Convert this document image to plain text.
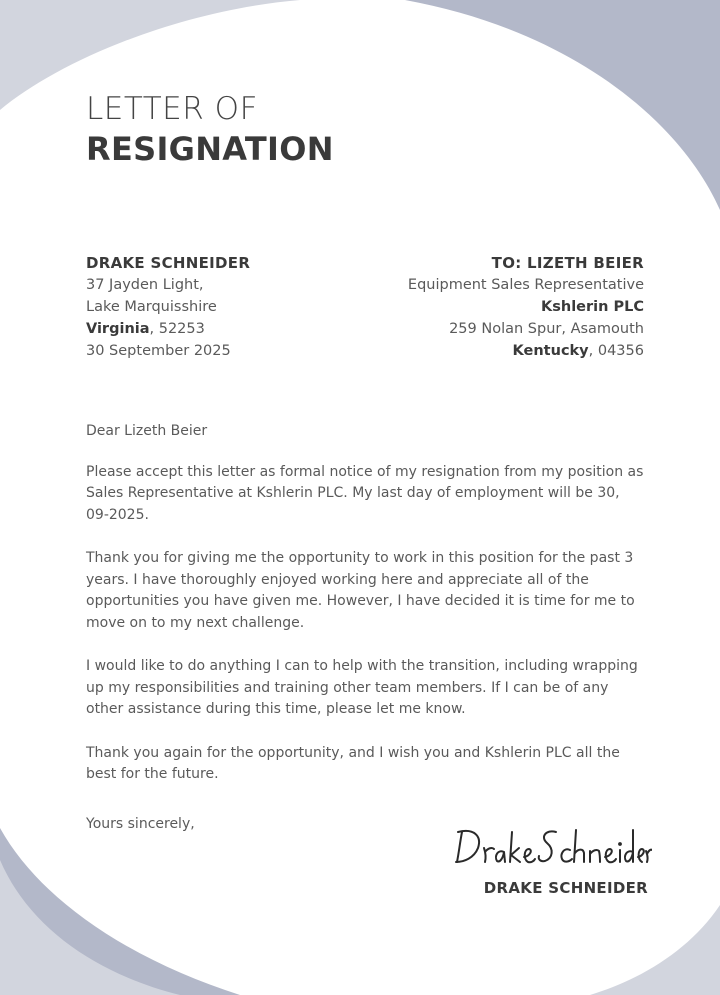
LETTER OF
RESIGNATION
DRAKE SCHNEIDER
37 Jayden Light,
Lake Marquisshire
Virginia, 52253
30 September 2025
TO: LIZETH BEIER
Equipment Sales Representative
Kshlerin PLC
259 Nolan Spur, Asamouth
Kentucky, 04356

Dear Lizeth Beier

Please accept this letter as formal notice of my resignation from my position as Sales Representative at Kshlerin PLC. My last day of employment will be 30, 09-2025.

Thank you for giving me the opportunity to work in this position for the past 3 years. I have thoroughly enjoyed working here and appreciate all of the opportunities you have given me. However, I have decided it is time for me to move on to my next challenge.

I would like to do anything I can to help with the transition, including wrapping up my responsibilities and training other team members. If I can be of any other assistance during this time, please let me know.

Thank you again for the opportunity, and I wish you and Kshlerin PLC all the best for the future.

Yours sincerely,
DRAKE SCHNEIDER
